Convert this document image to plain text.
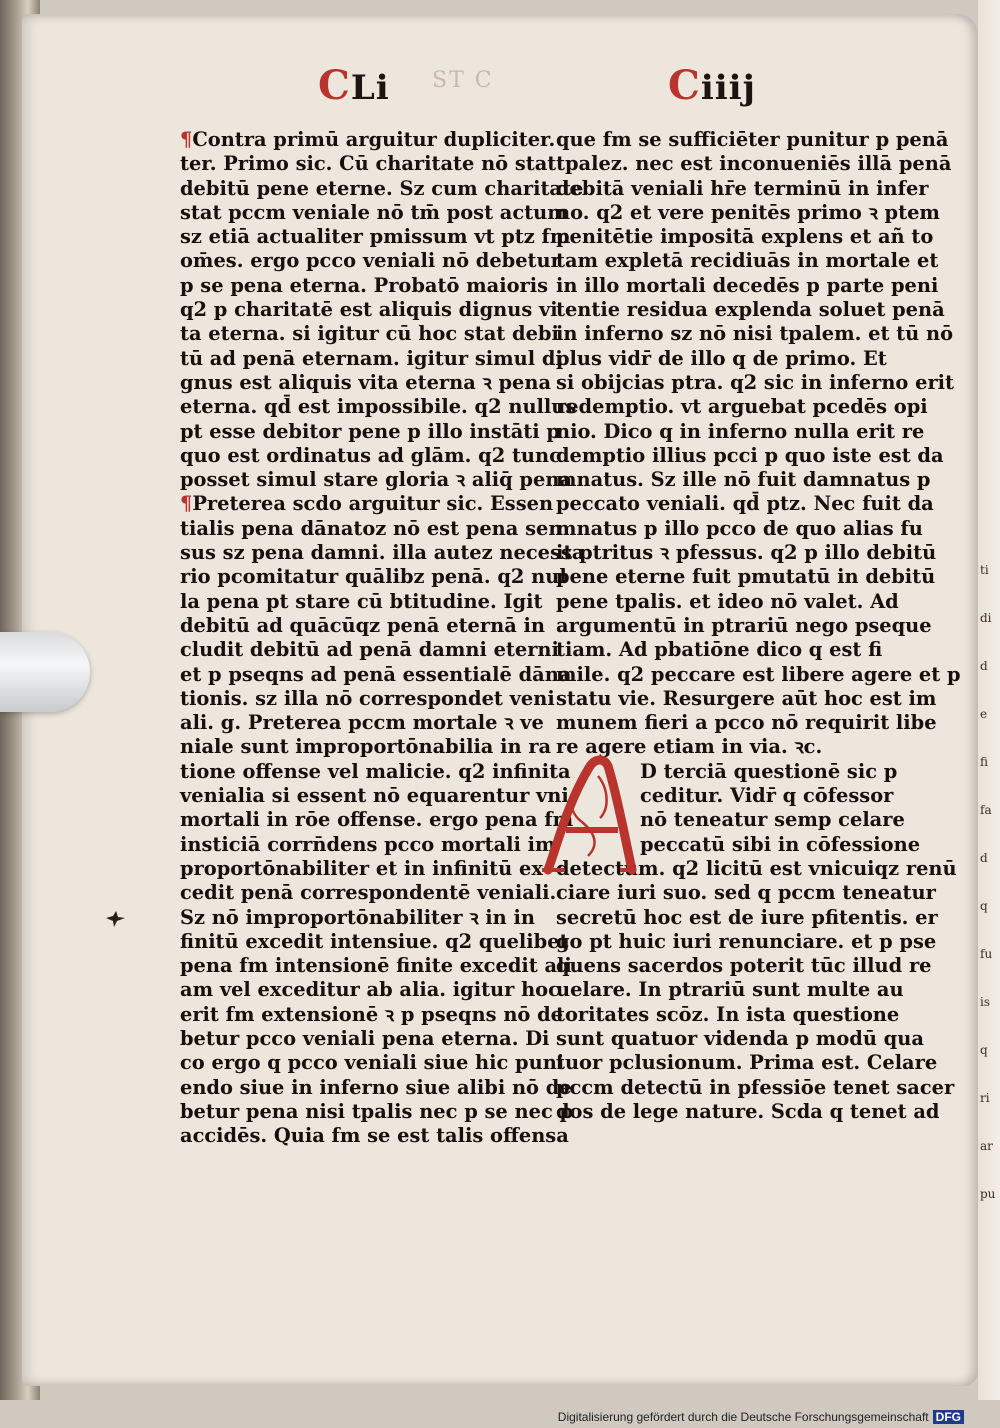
ti
di
d
e
fi
fa
d
q
fu
is
q
ri
ar
pu
ST C
CLi	Ciiij
¶Contra primū arguitur dupliciter.
ter. Primo sic. Cū charitate nō stat
debitū pene eterne. Sz cum charitate
stat pccm veniale nō tm̄ post actum
sz etiā actualiter pmissum vt ptz fm
om̄es. ergo pcco veniali nō debetur
p se pena eterna. Probatō maioris
q2 p charitatē est aliquis dignus vi
ta eterna. si igitur cū hoc stat debi
tū ad penā eternam. igitur simul di
gnus est aliquis vita eterna ꝛ pena
eterna. qd̄ est impossibile. q2 nullus
pt esse debitor pene p illo instāti p
quo est ordinatus ad glām. q2 tunc
posset simul stare gloria ꝛ aliq̄ pena
¶Preterea scdo arguitur sic. Essen
tialis pena dānatoz nō est pena sen
sus sz pena damni. illa autez necessa
rio pcomitatur quālibz penā. q2 nul
la pena pt stare cū btitudine. Igit
debitū ad quācūqz penā eternā in
cludit debitū ad penā damni eterni
et p pseqns ad penā essentialē dāna
tionis. sz illa nō correspondet veni
ali. g. Preterea pccm mortale ꝛ ve
niale sunt improportōnabilia in ra
tione offense vel malicie. q2 infinita
venialia si essent nō equarentur vni
mortali in rōe offense. ergo pena fm
insticiā corrn̄dens pcco mortali im
proportōnabiliter et in infinitū ex
cedit penā correspondentē veniali.
Sz nō improportōnabiliter ꝛ in in
finitū excedit intensiue. q2 quelibet
pena fm intensionē finite excedit ali
am vel exceditur ab alia. igitur hoc
erit fm extensionē ꝛ p pseqns nō de
betur pcco veniali pena eterna. Di
co ergo q pcco veniali siue hic puni
endo siue in inferno siue alibi nō de
betur pena nisi tpalis nec p se nec p
accidēs. Quia fm se est talis offensa
que fm se sufficiēter punitur p penā
tpalez. nec est inconueniēs illā penā
debitā veniali hr̄e terminū in infer
no. q2 et vere penitēs primo ꝛ ptem
penitētie impositā explens et añ to
tam expletā recidiuās in mortale et
in illo mortali decedēs p parte peni
tentie residua explenda soluet penā
in inferno sz nō nisi tpalem. et tū nō
plus vidr̄ de illo q de primo. Et
si obijcias ptra. q2 sic in inferno erit
redemptio. vt arguebat pcedēs opi
nio. Dico q in inferno nulla erit re
demptio illius pcci p quo iste est da
mnatus. Sz ille nō fuit damnatus p
peccato veniali. qd̄ ptz. Nec fuit da
mnatus p illo pcco de quo alias fu
it ptritus ꝛ pfessus. q2 p illo debitū
pene eterne fuit pmutatū in debitū
pene tpalis. et ideo nō valet. Ad
argumentū in ptrariū nego pseque
tiam. Ad pbatiōne dico q est fi
mile. q2 peccare est libere agere et p
statu vie. Resurgere aūt hoc est im
munem fieri a pcco nō requirit libe
re agere etiam in via. ꝛc.
D terciā questionē sic p
ceditur. Vidr̄ q cōfessor
nō teneatur semp celare
peccatū sibi in cōfessione
detectum. q2 licitū est vnicuiqz renū
ciare iuri suo. sed q pccm teneatur
secretū hoc est de iure pfitentis. er
go pt huic iuri renunciare. et p pse
quens sacerdos poterit tūc illud re
uelare. In ptrariū sunt multe au
toritates scōz. In ista questione
sunt quatuor videnda p modū qua
tuor pclusionum. Prima est. Celare
pccm detectū in pfessiōe tenet sacer
dos de lege nature. Scda q tenet ad
Digitalisierung gefördert durch die Deutsche Forschungsgemeinschaft DFG
